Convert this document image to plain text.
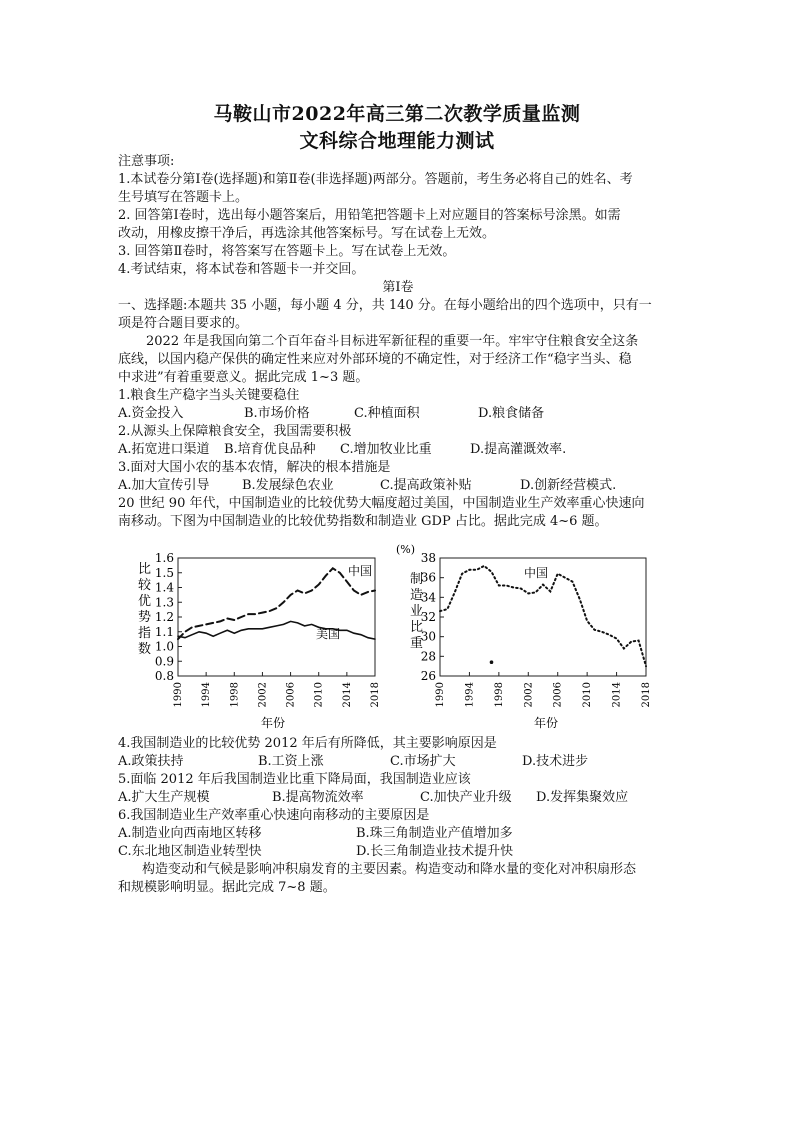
马鞍山市2022年高三第二次教学质量监测
文科综合地理能力测试
注意事项:
1.本试卷分第Ⅰ卷(选择题)和第Ⅱ卷(非选择题)两部分。答题前，考生务必将自己的姓名、考
生号填写在答题卡上。
2. 回答第Ⅰ卷时，选出每小题答案后，用铅笔把答题卡上对应题目的答案标号涂黑。如需
改动，用橡皮擦干净后，再选涂其他答案标号。写在试卷上无效。
3. 回答第Ⅱ卷时，将答案写在答题卡上。写在试卷上无效。
4.考试结束，将本试卷和答题卡一并交回。
第Ⅰ卷
一、选择题:本题共 35 小题，每小题 4 分，共 140 分。在每小题给出的四个选项中，只有一
项是符合题目要求的。
2022 年是我国向第二个百年奋斗目标进军新征程的重要一年。牢牢守住粮食安全这条
底线，以国内稳产保供的确定性来应对外部环境的不确定性，对于经济工作“稳字当头、稳
中求进”有着重要意义。据此完成 1~3 题。
1.粮食生产稳字当头关键要稳住
A.资金投入	B.市场价格	C.种植面积	D.粮食储备
2.从源头上保障粮食安全，我国需要积极
A.拓宽进口渠道 B.培育优良品种 C.增加牧业比重	D.提高灌溉效率.
3.面对大国小农的基本农情，解决的根本措施是
A.加大宣传引导 B.发展绿色农业	C.提高政策补贴	D.创新经营模式.
20 世纪 90 年代，中国制造业的比较优势大幅度超过美国，中国制造业生产效率重心快速向
南移动。下图为中国制造业的比较优势指数和制造业 GDP 占比。据此完成 4~6 题。
比较优势指数
年份
0.8
0.9
1.0
1.1
1.2
1.3
1.4
1.5
1.6
1990 1994 1998 2002 2006 2010 2014 2018
中国
美国
(%)
制造业比重
年份
26
28
30
32
34
36
38
1990 1994 1998 2002 2006 2010 2014 2018
中国
4.我国制造业的比较优势 2012 年后有所降低，其主要影响原因是
A.政策扶持	B.工资上涨	C.市场扩大	D.技术进步
5.面临 2012 年后我国制造业比重下降局面，我国制造业应该
A.扩大生产规模	B.提高物流效率	C.加快产业升级 D.发挥集聚效应
6.我国制造业生产效率重心快速向南移动的主要原因是
A.制造业向西南地区转移	B.珠三角制造业产值增加多
C.东北地区制造业转型快	D.长三角制造业技术提升快
构造变动和气候是影响冲积扇发育的主要因素。构造变动和降水量的变化对冲积扇形态
和规模影响明显。据此完成 7~8 题。
